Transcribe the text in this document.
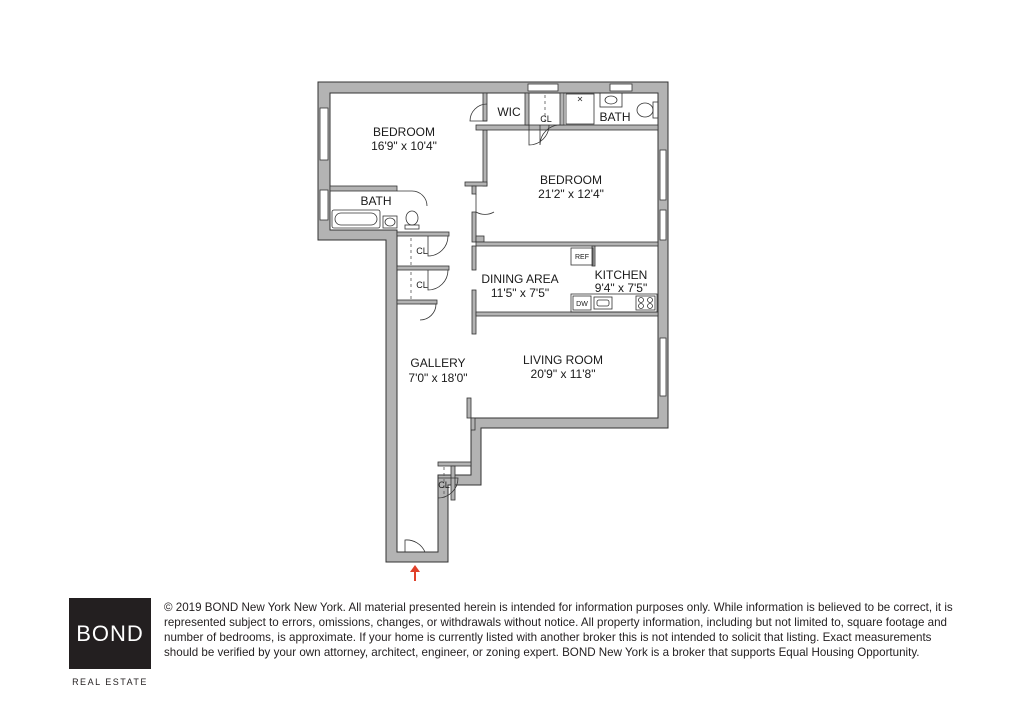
BEDROOM
16'9" x 10'4"
BATH
WIC	BATH
BEDROOM
21'2" x 12'4"
DINING AREA
11'5" x 7'5"
KITCHEN
9'4" x 7'5"
GALLERY
7'0" x 18'0"
LIVING ROOM
20'9" x 11'8"
CL
CL
CL
CL
REF
DW
BOND
REAL ESTATE

© 2019 BOND New York New York. All material presented herein is intended for information purposes only. While information is believed to be correct, it is represented subject to errors, omissions, changes, or withdrawals without notice. All property information, including but not limited to, square footage and number of bedrooms, is approximate. If your home is currently listed with another broker this is not intended to solicit that listing. Exact measurements should be verified by your own attorney, architect, engineer, or zoning expert. BOND New York is a broker that supports Equal Housing Opportunity.
